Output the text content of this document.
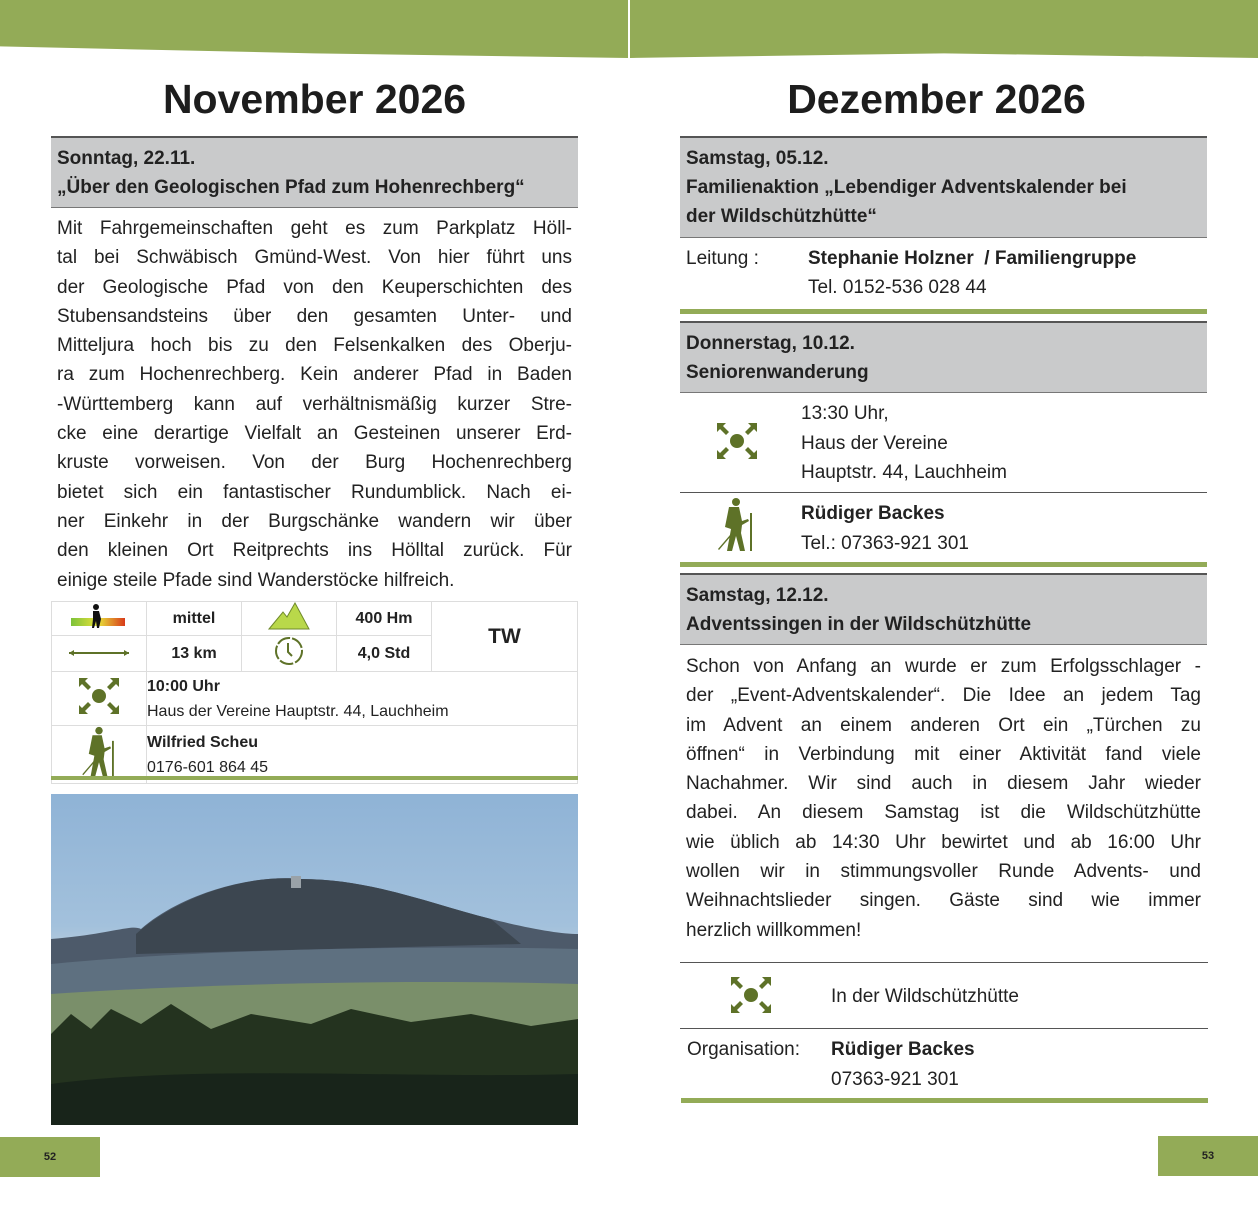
November 2026
Sonntag, 22.11.
„Über den Geologischen Pfad zum Hohenrechberg“
Mit Fahrgemeinschaften geht es zum Parkplatz Höll-
tal bei Schwäbisch Gmünd-West. Von hier führt uns
der Geologische Pfad von den Keuperschichten des
Stubensandsteins über den gesamten Unter- und
Mitteljura hoch bis zu den Felsenkalken des Oberju-
ra zum Hochenrechberg. Kein anderer Pfad in Baden
-Württemberg kann auf verhältnismäßig kurzer Stre-
cke eine derartige Vielfalt an Gesteinen unserer Erd-
kruste vorweisen. Von der Burg Hochenrechberg
bietet sich ein fantastischer Rundumblick. Nach ei-
ner Einkehr in der Burgschänke wandern wir über
den kleinen Ort Reitprechts ins Hölltal zurück. Für
einige steile Pfade sind Wanderstöcke hilfreich.
	mittel		400 Hm	TW
	13 km		4,0 Std	

10:00 Uhr
Haus der Vereine Hauptstr. 44, Lauchheim			

Wilfried Scheu
0176-601 864 45			
52
Dezember 2026
Samstag, 05.12.
Familienaktion „Lebendiger Adventskalender bei
der Wildschützhütte“
Leitung :	Stephanie Holzner  / Familiengruppe
Tel. 0152-536 028 44
Donnerstag, 10.12.
Seniorenwanderung
13:30 Uhr,
Haus der Vereine
Hauptstr. 44, Lauchheim
Rüdiger Backes
Tel.: 07363-921 301
Samstag, 12.12.
Adventssingen in der Wildschützhütte
Schon von Anfang an wurde er zum Erfolgsschlager -
der „Event-Adventskalender“. Die Idee an jedem Tag
im Advent an einem anderen Ort ein „Türchen zu
öffnen“ in Verbindung mit einer Aktivität fand viele
Nachahmer. Wir sind auch in diesem Jahr wieder
dabei. An diesem Samstag ist die Wildschützhütte
wie üblich ab 14:30 Uhr bewirtet und ab 16:00 Uhr
wollen wir in stimmungsvoller Runde Advents- und
Weihnachtslieder singen. Gäste sind wie immer
herzlich willkommen!
In der Wildschützhütte
Organisation: Rüdiger Backes
07363-921 301
53
